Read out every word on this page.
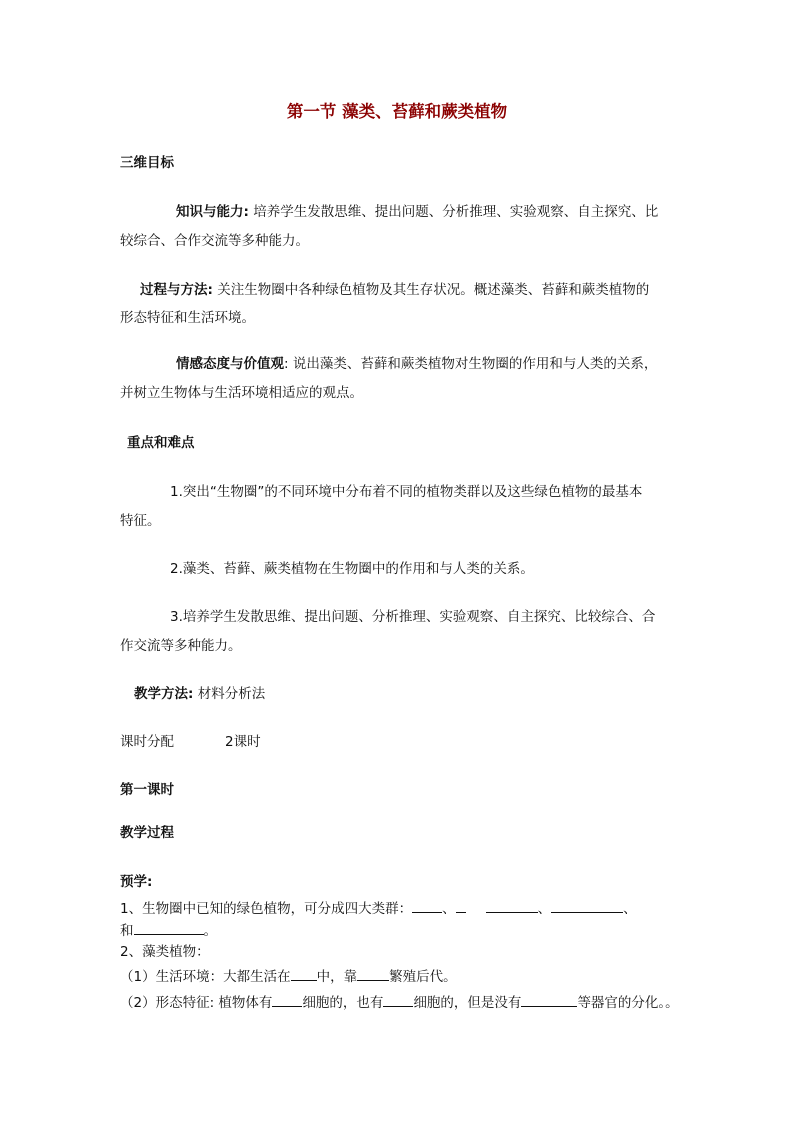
第一节 藻类、苔藓和蕨类植物
三维目标
知识与能力: 培养学生发散思维、提出问题、分析推理、实验观察、自主探究、比
较综合、合作交流等多种能力。
过程与方法: 关注生物圈中各种绿色植物及其生存状况。概述藻类、苔藓和蕨类植物的
形态特征和生活环境。
情感态度与价值观: 说出藻类、苔藓和蕨类植物对生物圈的作用和与人类的关系，
并树立生物体与生活环境相适应的观点。
重点和难点
1.突出“生物圈”的不同环境中分布着不同的植物类群以及这些绿色植物的最基本
特征。
2.藻类、苔藓、蕨类植物在生物圈中的作用和与人类的关系。
3.培养学生发散思维、提出问题、分析推理、实验观察、自主探究、比较综合、合
作交流等多种能力。
教学方法: 材料分析法
课时分配	2课时
第一课时
教学过程
预学:
1、生物圈中已知的绿色植物，可分成四大类群： 、	、	、
和	。
2、藻类植物：
（1）生活环境：大都生活在 中，靠 繁殖后代。
（2）形态特征: 植物体有 细胞的，也有 细胞的，但是没有	等器官的分化。。
